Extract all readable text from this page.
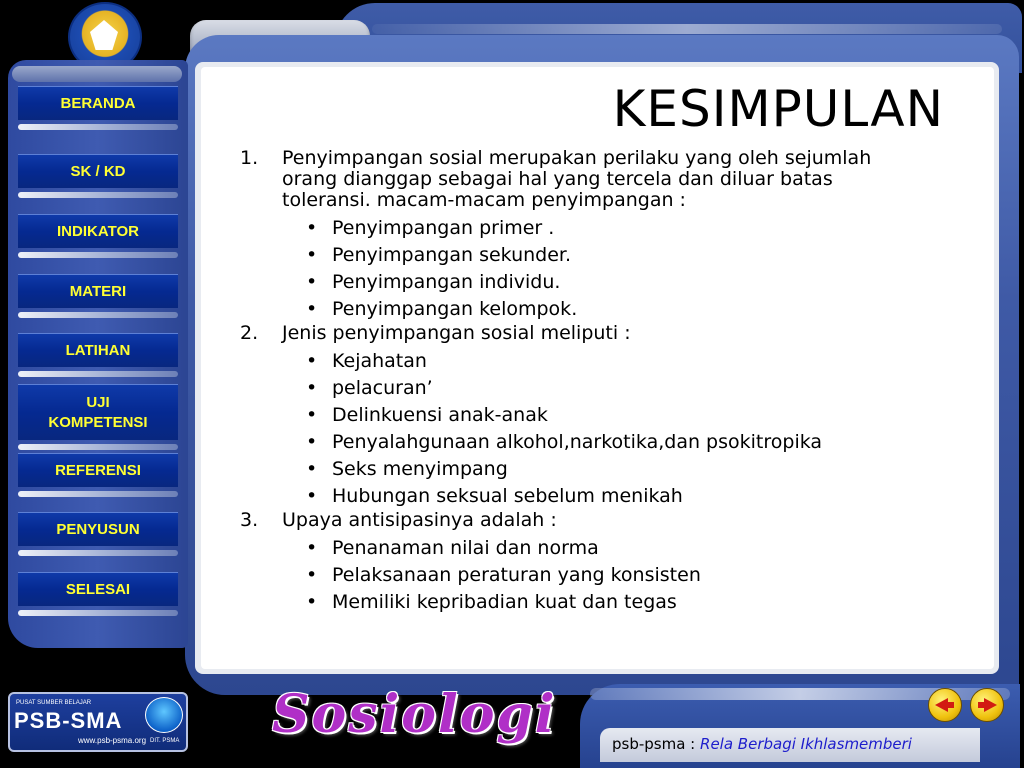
BERANDA
SK / KD
INDIKATOR
MATERI
LATIHAN
UJI
KOMPETENSI
REFERENSI
PENYUSUN
SELESAI
KESIMPULAN
1. Penyimpangan sosial merupakan perilaku yang oleh sejumlah
orang dianggap sebagai hal yang tercela dan diluar batas
toleransi. macam-macam penyimpangan :
• Penyimpangan primer .
• Penyimpangan sekunder.
• Penyimpangan individu.
• Penyimpangan kelompok.
2. Jenis penyimpangan sosial meliputi :
• Kejahatan
• pelacuran’
• Delinkuensi anak-anak
• Penyalahgunaan alkohol,narkotika,dan psokitropika
• Seks menyimpang
• Hubungan seksual sebelum menikah
3. Upaya antisipasinya adalah :
• Penanaman nilai dan norma
• Pelaksanaan peraturan yang konsisten
• Memiliki kepribadian kuat dan tegas
psb-psma : Rela Berbagi Ikhlasmemberi
Sosiologi
PUSAT SUMBER BELAJAR
PSB-SMA
www.psb-psma.org DIT. PSMA
